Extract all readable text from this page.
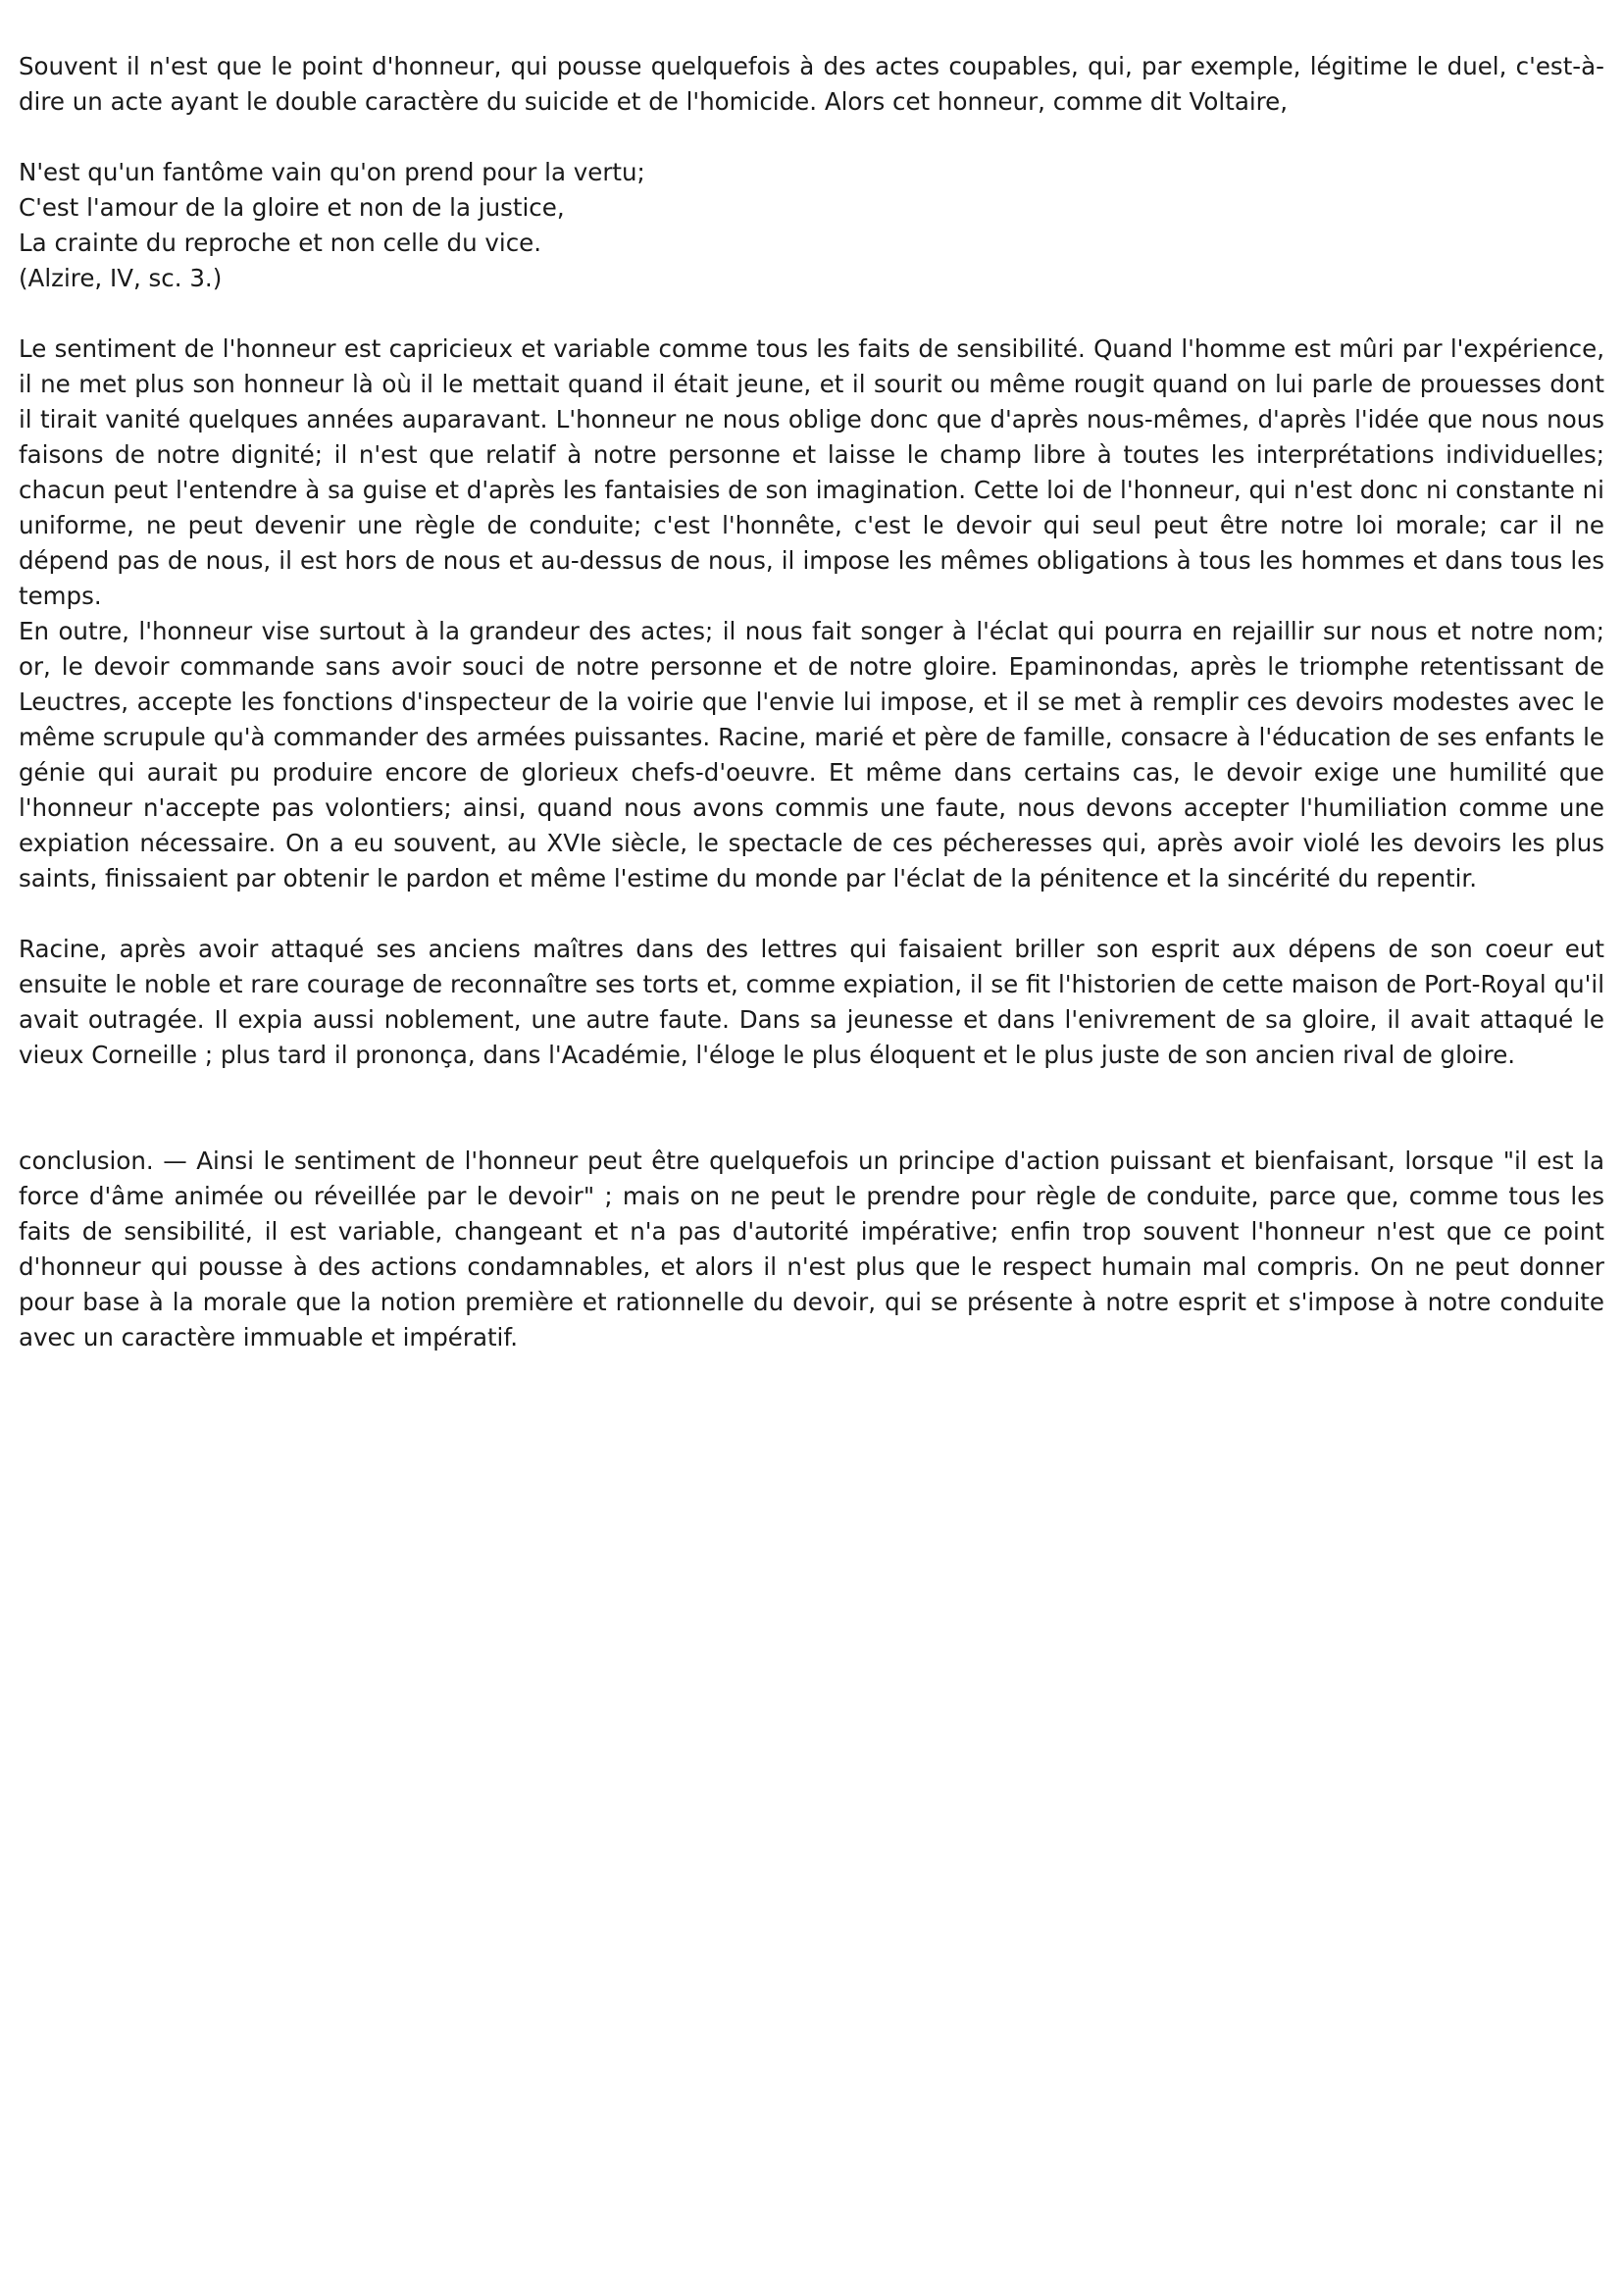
Souvent il n'est que le point d'honneur, qui pousse quelquefois à des actes coupables, qui, par exemple, légitime le duel, c'est-à-dire un acte ayant le double caractère du suicide et de l'homicide. Alors cet honneur, comme dit Voltaire,

N'est qu'un fantôme vain qu'on prend pour la vertu;
C'est l'amour de la gloire et non de la justice,
La crainte du reproche et non celle du vice.
(Alzire, IV, sc. 3.)

Le sentiment de l'honneur est capricieux et variable comme tous les faits de sensibilité. Quand l'homme est mûri par l'expérience, il ne met plus son honneur là où il le mettait quand il était jeune, et il sourit ou même rougit quand on lui parle de prouesses dont il tirait vanité quelques années auparavant. L'honneur ne nous oblige donc que d'après nous-mêmes, d'après l'idée que nous nous faisons de notre dignité; il n'est que relatif à notre personne et laisse le champ libre à toutes les interprétations individuelles; chacun peut l'entendre à sa guise et d'après les fantaisies de son imagination. Cette loi de l'honneur, qui n'est donc ni constante ni uniforme, ne peut devenir une règle de conduite; c'est l'honnête, c'est le devoir qui seul peut être notre loi morale; car il ne dépend pas de nous, il est hors de nous et au-dessus de nous, il impose les mêmes obligations à tous les hommes et dans tous les temps.

En outre, l'honneur vise surtout à la grandeur des actes; il nous fait songer à l'éclat qui pourra en rejaillir sur nous et notre nom; or, le devoir commande sans avoir souci de notre personne et de notre gloire. Epaminondas, après le triomphe retentissant de Leuctres, accepte les fonctions d'inspecteur de la voirie que l'envie lui impose, et il se met à remplir ces devoirs modestes avec le même scrupule qu'à commander des armées puissantes. Racine, marié et père de famille, consacre à l'éducation de ses enfants le génie qui aurait pu produire encore de glorieux chefs-d'oeuvre. Et même dans certains cas, le devoir exige une humilité que l'honneur n'accepte pas volontiers; ainsi, quand nous avons commis une faute, nous devons accepter l'humiliation comme une expiation nécessaire. On a eu souvent, au XVIe siècle, le spectacle de ces pécheresses qui, après avoir violé les devoirs les plus saints, finissaient par obtenir le pardon et même l'estime du monde par l'éclat de la pénitence et la sincérité du repentir.

Racine, après avoir attaqué ses anciens maîtres dans des lettres qui faisaient briller son esprit aux dépens de son coeur eut ensuite le noble et rare courage de reconnaître ses torts et, comme expiation, il se fit l'historien de cette maison de Port-Royal qu'il avait outragée. Il expia aussi noblement, une autre faute. Dans sa jeunesse et dans l'enivrement de sa gloire, il avait attaqué le vieux Corneille ; plus tard il prononça, dans l'Académie, l'éloge le plus éloquent et le plus juste de son ancien rival de gloire.

conclusion. — Ainsi le sentiment de l'honneur peut être quelquefois un principe d'action puissant et bienfaisant, lorsque "il est la force d'âme animée ou réveillée par le devoir" ; mais on ne peut le prendre pour règle de conduite, parce que, comme tous les faits de sensibilité, il est variable, changeant et n'a pas d'autorité impérative; enfin trop souvent l'honneur n'est que ce point d'honneur qui pousse à des actions condamnables, et alors il n'est plus que le respect humain mal compris. On ne peut donner pour base à la morale que la notion première et rationnelle du devoir, qui se présente à notre esprit et s'impose à notre conduite avec un caractère immuable et impératif.
